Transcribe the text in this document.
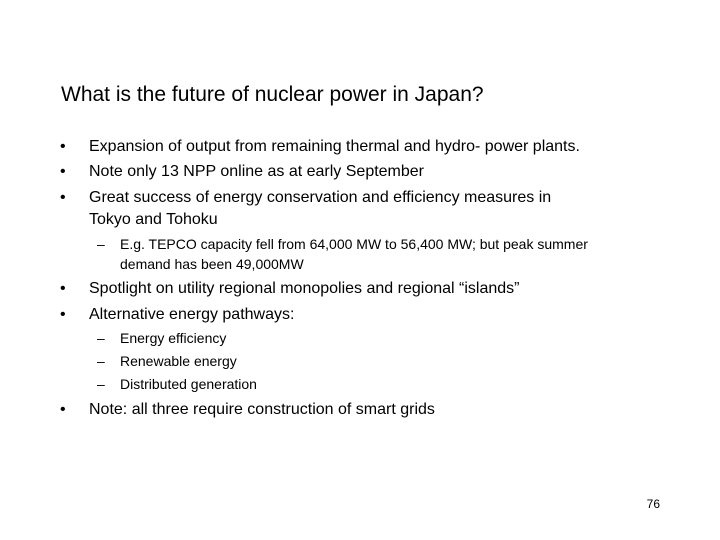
What is the future of nuclear power in Japan?
• Expansion of output from remaining thermal and hydro- power plants.
• Note only 13 NPP online as at early September
• Great success of energy conservation and efficiency measures in
Tokyo and Tohoku
– E.g. TEPCO capacity fell from 64,000 MW to 56,400 MW; but peak summer
demand has been 49,000MW
• Spotlight on utility regional monopolies and regional “islands”
• Alternative energy pathways:
– Energy efficiency
– Renewable energy
– Distributed generation
• Note: all three require construction of smart grids
76
